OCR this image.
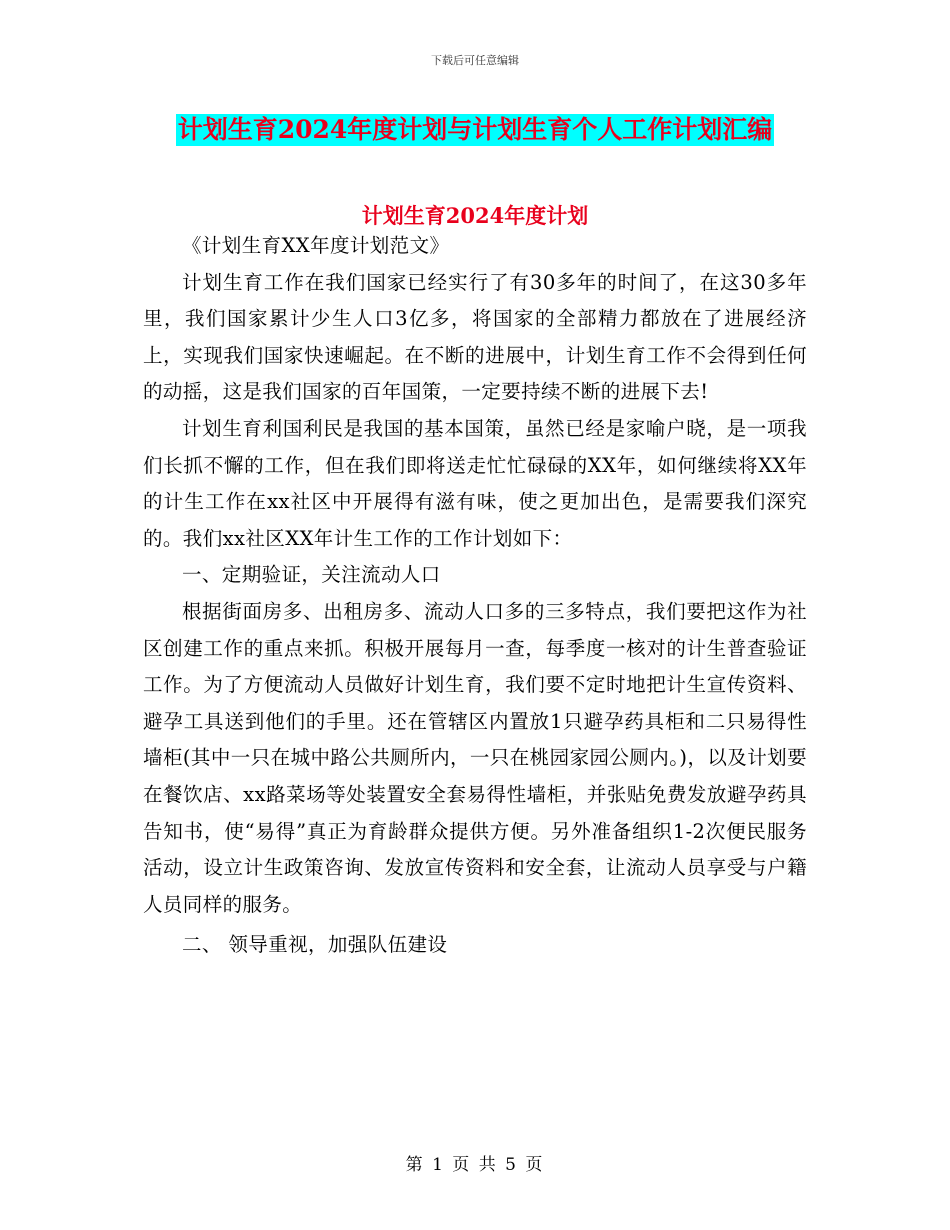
下载后可任意编辑
计划生育2024年度计划与计划生育个人工作计划汇编
计划生育2024年度计划

《计划生育XX年度计划范文》

计划生育工作在我们国家已经实行了有30多年的时间了，在这30多年里，我们国家累计少生人口3亿多，将国家的全部精力都放在了进展经济上，实现我们国家快速崛起。在不断的进展中，计划生育工作不会得到任何的动摇，这是我们国家的百年国策，一定要持续不断的进展下去!

计划生育利国利民是我国的基本国策，虽然已经是家喻户晓，是一项我们长抓不懈的工作，但在我们即将送走忙忙碌碌的XX年，如何继续将XX年的计生工作在xx社区中开展得有滋有味，使之更加出色，是需要我们深究的。我们xx社区XX年计生工作的工作计划如下：

一、定期验证，关注流动人口

根据街面房多、出租房多、流动人口多的三多特点，我们要把这作为社区创建工作的重点来抓。积极开展每月一查，每季度一核对的计生普查验证工作。为了方便流动人员做好计划生育，我们要不定时地把计生宣传资料、避孕工具送到他们的手里。还在管辖区内置放1只避孕药具柜和二只易得性墙柜(其中一只在城中路公共厕所内，一只在桃园家园公厕内。)，以及计划要在餐饮店、xx路菜场等处装置安全套易得性墙柜，并张贴免费发放避孕药具告知书，使“易得”真正为育龄群众提供方便。另外准备组织1-2次便民服务活动，设立计生政策咨询、发放宣传资料和安全套，让流动人员享受与户籍人员同样的服务。

二、 领导重视，加强队伍建设

第 1 页 共 5 页
